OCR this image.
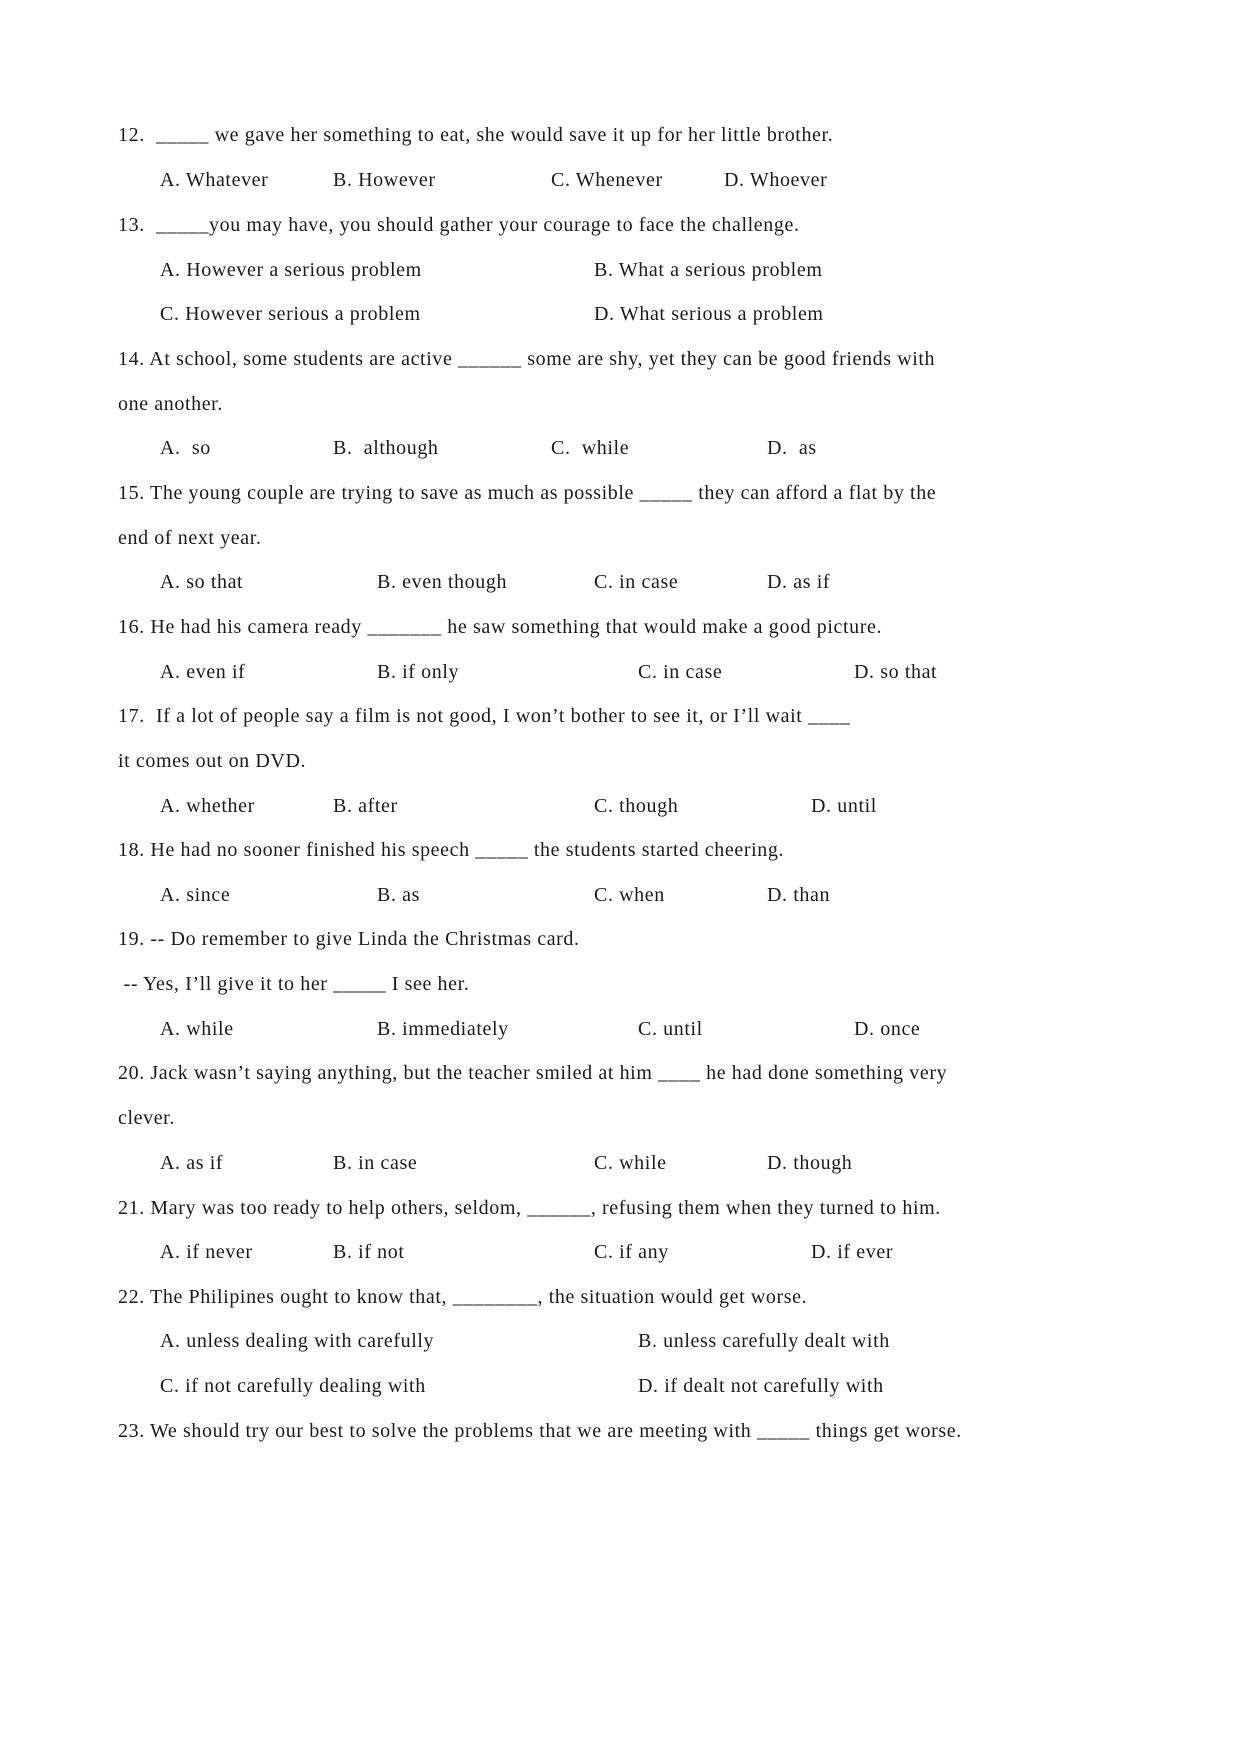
12.  _____ we gave her something to eat, she would save it up for her little brother.
A. Whatever	B. However	C. Whenever	D. Whoever
13.  _____you may have, you should gather your courage to face the challenge.
A. However a serious problem	B. What a serious problem
C. However serious a problem	D. What serious a problem
14. At school, some students are active ______ some are shy, yet they can be good friends with
one another.
A.  so	B.  although	C.  while	D.  as
15. The young couple are trying to save as much as possible _____ they can afford a flat by the
end of next year.
A. so that	B. even though	C. in case	D. as if
16. He had his camera ready _______ he saw something that would make a good picture.
A. even if	B. if only	C. in case	D. so that
17.  If a lot of people say a film is not good, I won’t bother to see it, or I’ll wait ____
it comes out on DVD.
A. whether	B. after	C. though	D. until
18. He had no sooner finished his speech _____ the students started cheering.
A. since	B. as	C. when	D. than
19. -- Do remember to give Linda the Christmas card.
-- Yes, I’ll give it to her _____ I see her.
A. while	B. immediately	C. until	D. once
20. Jack wasn’t saying anything, but the teacher smiled at him ____ he had done something very
clever.
A. as if	B. in case	C. while	D. though
21. Mary was too ready to help others, seldom, ______, refusing them when they turned to him.
A. if never	B. if not	C. if any	D. if ever
22. The Philipines ought to know that, ________, the situation would get worse.
A. unless dealing with carefully	B. unless carefully dealt with
C. if not carefully dealing with	D. if dealt not carefully with
23. We should try our best to solve the problems that we are meeting with _____ things get worse.
